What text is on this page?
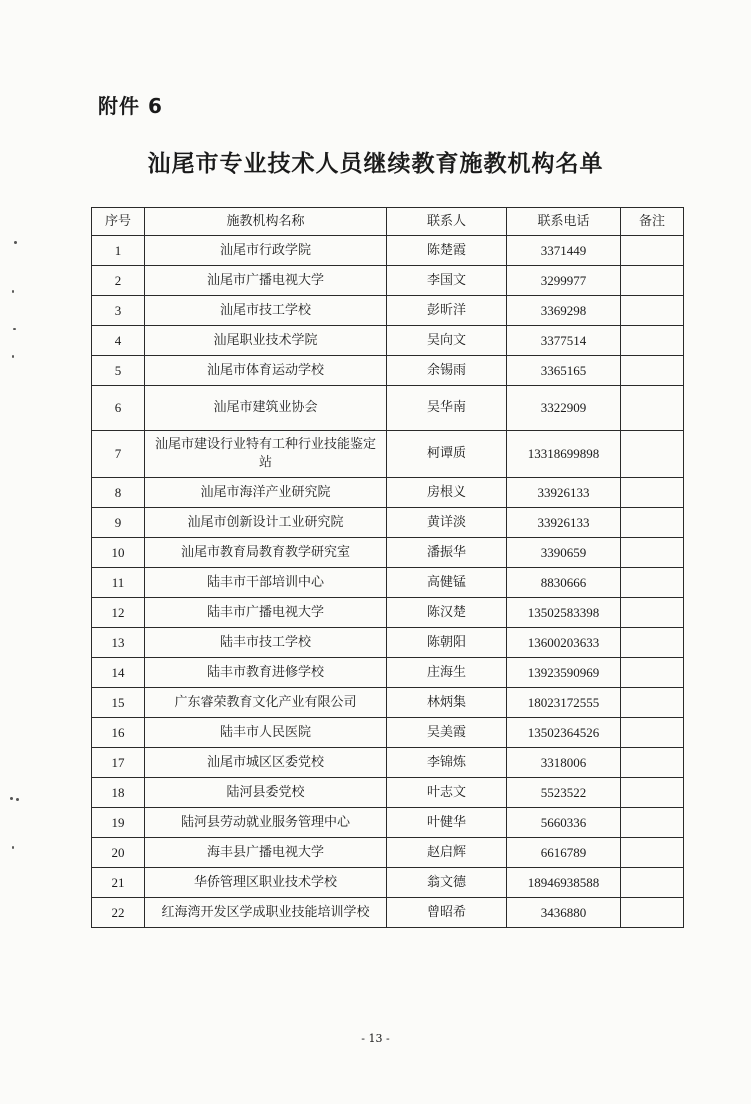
附件 6
汕尾市专业技术人员继续教育施教机构名单
序号	施教机构名称	联系人	联系电话	备注
1	汕尾市行政学院	陈楚霞	3371449	
2	汕尾市广播电视大学	李国文	3299977	
3	汕尾市技工学校	彭昕洋	3369298	
4	汕尾职业技术学院	吴向文	3377514	
5	汕尾市体育运动学校	余锡雨	3365165	
6	汕尾市建筑业协会	吴华南	3322909	
7	汕尾市建设行业特有工种行业技能鉴定站	柯谭质	13318699898	
8	汕尾市海洋产业研究院	房根义	33926133	
9	汕尾市创新设计工业研究院	黄详淡	33926133	
10	汕尾市教育局教育教学研究室	潘振华	3390659	
11	陆丰市干部培训中心	高健锰	8830666	
12	陆丰市广播电视大学	陈汉楚	13502583398	
13	陆丰市技工学校	陈朝阳	13600203633	
14	陆丰市教育进修学校	庄海生	13923590969	
15	广东睿荣教育文化产业有限公司	林炳集	18023172555	
16	陆丰市人民医院	吴美霞	13502364526	
17	汕尾市城区区委党校	李锦炼	3318006	
18	陆河县委党校	叶志文	5523522	
19	陆河县劳动就业服务管理中心	叶健华	5660336	
20	海丰县广播电视大学	赵启辉	6616789	
21	华侨管理区职业技术学校	翁文德	18946938588	
22	红海湾开发区学成职业技能培训学校	曾昭希	3436880	
- 13 -
